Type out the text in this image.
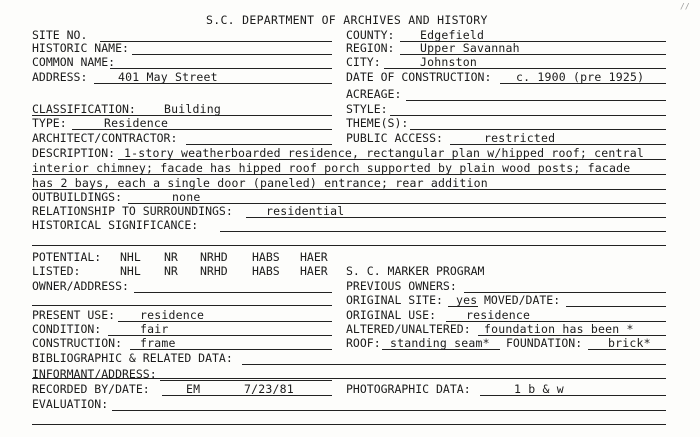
//
S.C. DEPARTMENT OF ARCHIVES AND HISTORY
SITE NO.	COUNTY: Edgefield
HISTORIC NAME:	REGION: Upper Savannah
COMMON NAME:	CITY:	Johnston
ADDRESS:	401 May Street	DATE OF CONSTRUCTION: c. 1900 (pre 1925)
ACREAGE:
CLASSIFICATION: Building	STYLE:
TYPE:	Residence	THEME(S):
ARCHITECT/CONTRACTOR:	PUBLIC ACCESS:	restricted
DESCRIPTION: 1-story weatherboarded residence, rectangular plan w/hipped roof; central
interior chimney; facade has hipped roof porch supported by plain wood posts; facade
has 2 bays, each a single door (paneled) entrance; rear addition
OUTBUILDINGS:	none
RELATIONSHIP TO SURROUNDINGS:	residential
HISTORICAL SIGNIFICANCE:
POTENTIAL: NHL NR NRHD HABS HAER
LISTED:	NHL NR NRHD HABS HAER S. C. MARKER PROGRAM
OWNER/ADDRESS:	PREVIOUS OWNERS:
ORIGINAL SITE: yes MOVED/DATE:
PRESENT USE: residence	ORIGINAL USE:	residence
CONDITION:	fair	ALTERED/UNALTERED: foundation has been *
CONSTRUCTION: frame	ROOF: standing seam* FOUNDATION: brick*
BIBLIOGRAPHIC & RELATED DATA:
INFORMANT/ADDRESS:
RECORDED BY/DATE:	EM	7/23/81	PHOTOGRAPHIC DATA:	1 b & w
EVALUATION:
